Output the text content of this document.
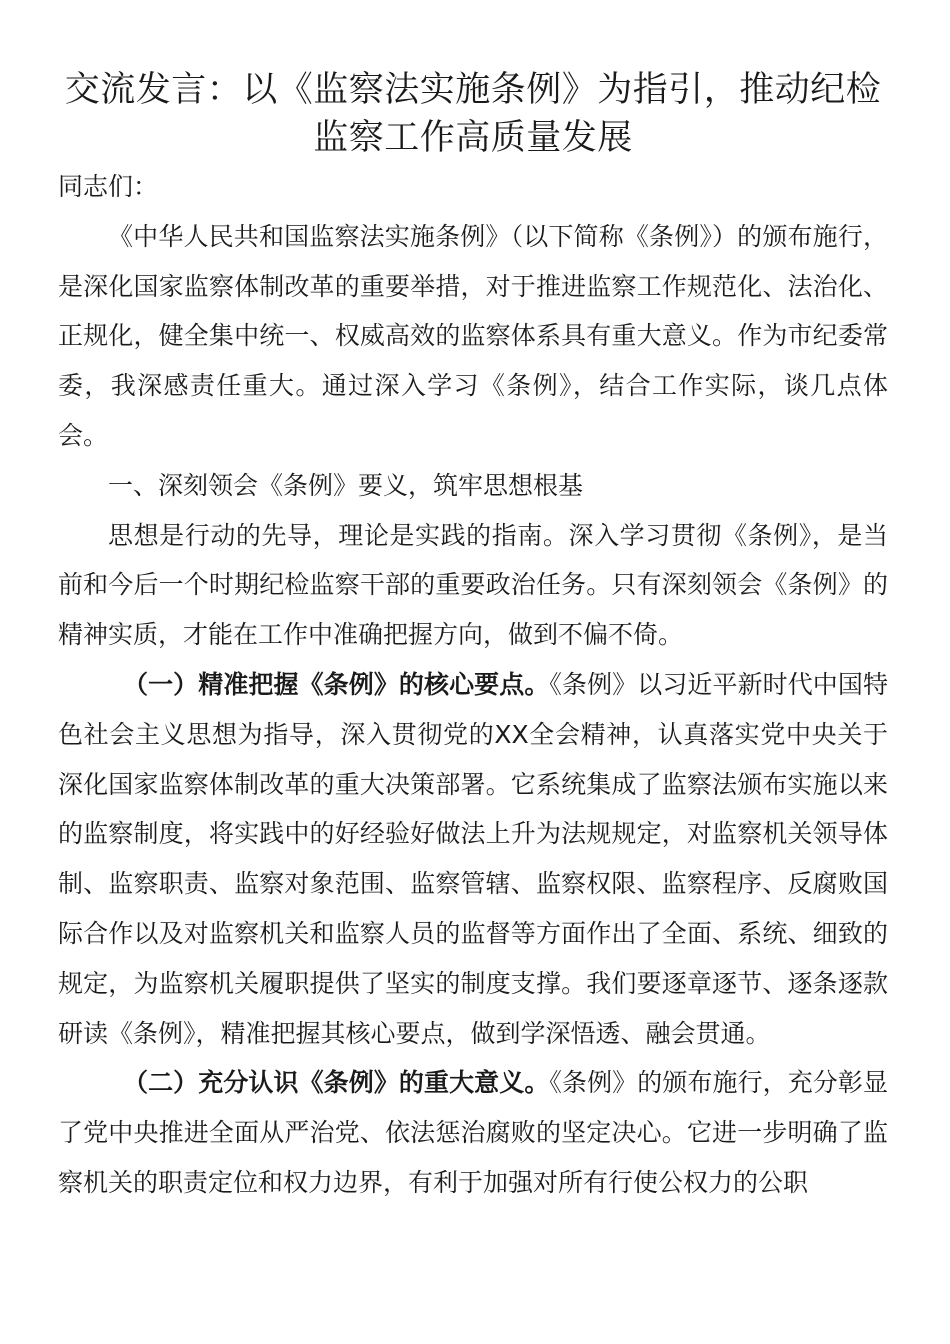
交流发言：以《监察法实施条例》为指引，推动纪检监察工作高质量发展

同志们：

《中华人民共和国监察法实施条例》（以下简称《条例》）的颁布施行，是深化国家监察体制改革的重要举措，对于推进监察工作规范化、法治化、正规化，健全集中统一、权威高效的监察体系具有重大意义。作为市纪委常委，我深感责任重大。通过深入学习《条例》，结合工作实际，谈几点体会。

一、深刻领会《条例》要义，筑牢思想根基

思想是行动的先导，理论是实践的指南。深入学习贯彻《条例》，是当前和今后一个时期纪检监察干部的重要政治任务。只有深刻领会《条例》的精神实质，才能在工作中准确把握方向，做到不偏不倚。

（一）精准把握《条例》的核心要点。《条例》以习近平新时代中国特色社会主义思想为指导，深入贯彻党的XX全会精神，认真落实党中央关于深化国家监察体制改革的重大决策部署。它系统集成了监察法颁布实施以来的监察制度，将实践中的好经验好做法上升为法规规定，对监察机关领导体制、监察职责、监察对象范围、监察管辖、监察权限、监察程序、反腐败国际合作以及对监察机关和监察人员的监督等方面作出了全面、系统、细致的规定，为监察机关履职提供了坚实的制度支撑。我们要逐章逐节、逐条逐款研读《条例》，精准把握其核心要点，做到学深悟透、融会贯通。

（二）充分认识《条例》的重大意义。《条例》的颁布施行，充分彰显了党中央推进全面从严治党、依法惩治腐败的坚定决心。它进一步明确了监察机关的职责定位和权力边界，有利于加强对所有行使公权力的公职
